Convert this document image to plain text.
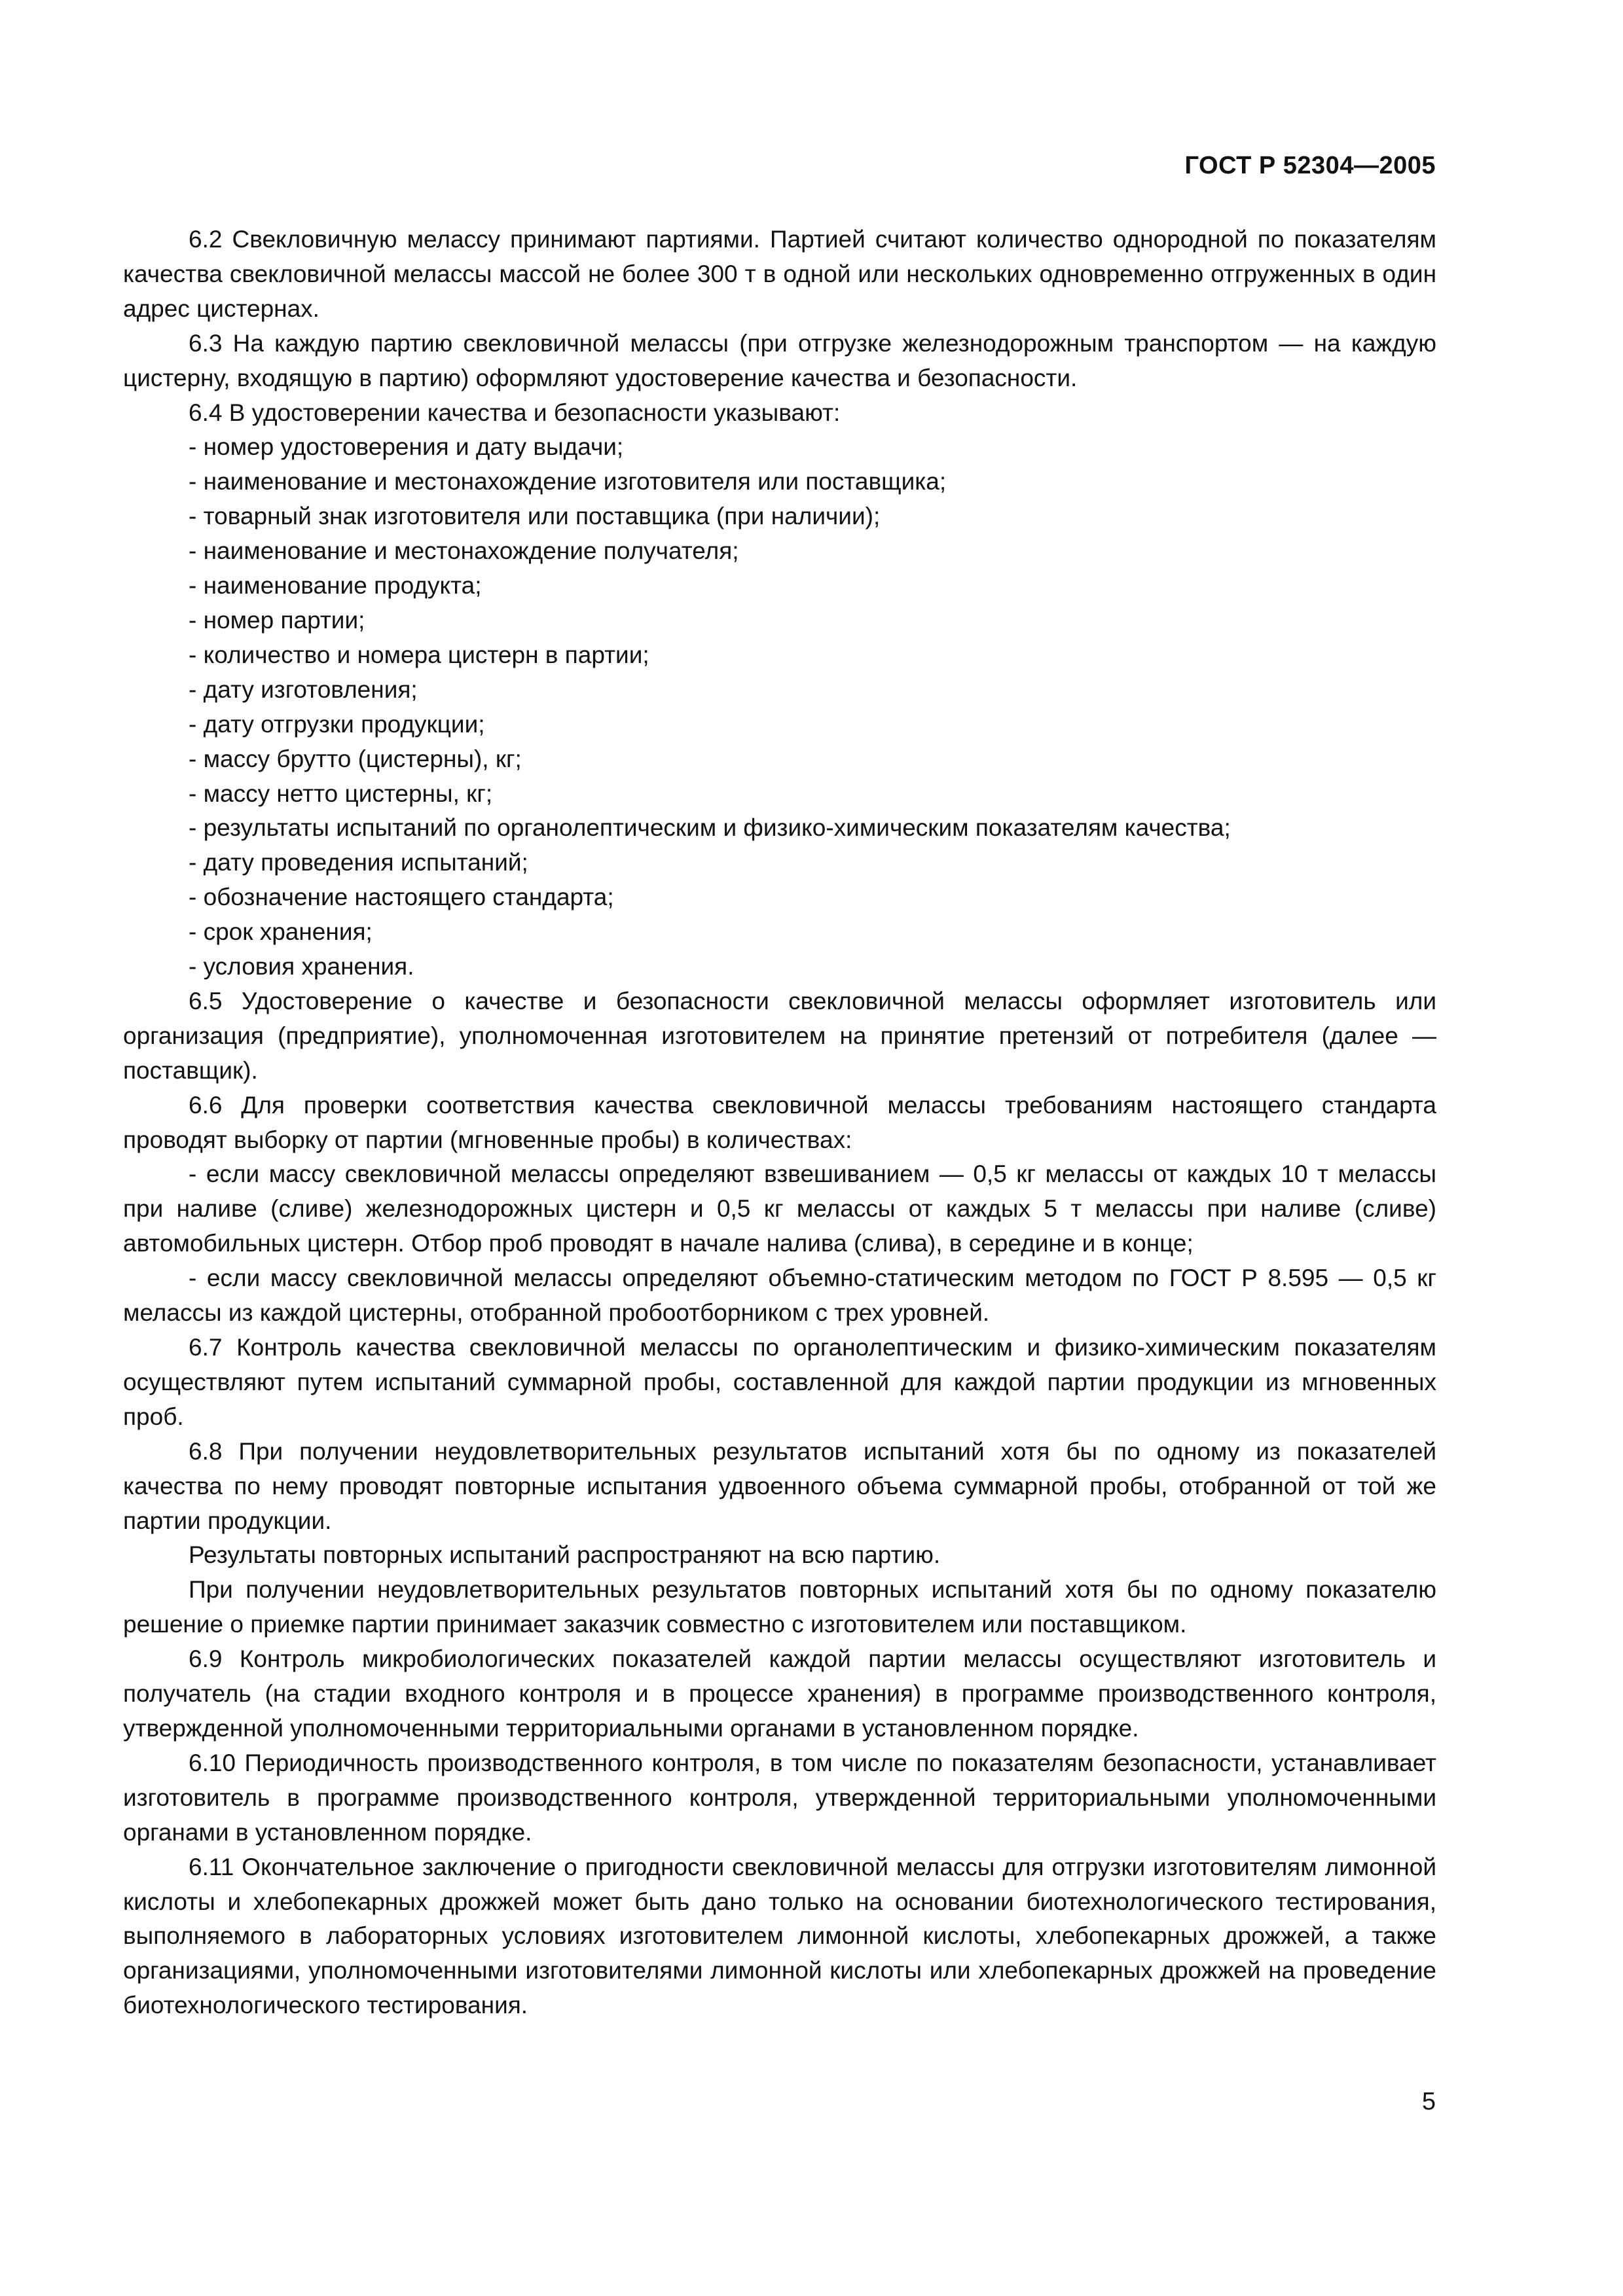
ГОСТ Р 52304—2005

6.2 Свекловичную мелассу принимают партиями. Партией считают количество однородной по показателям качества свекловичной мелассы массой не более 300 т в одной или нескольких одновременно отгруженных в один адрес цистернах.

6.3 На каждую партию свекловичной мелассы (при отгрузке железнодорожным транспортом — на каждую цистерну, входящую в партию) оформляют удостоверение качества и безопасности.

6.4 В удостоверении качества и безопасности указывают:

- номер удостоверения и дату выдачи;
- наименование и местонахождение изготовителя или поставщика;
- товарный знак изготовителя или поставщика (при наличии);
- наименование и местонахождение получателя;
- наименование продукта;
- номер партии;
- количество и номера цистерн в партии;
- дату изготовления;
- дату отгрузки продукции;
- массу брутто (цистерны), кг;
- массу нетто цистерны, кг;
- результаты испытаний по органолептическим и физико-химическим показателям качества;
- дату проведения испытаний;
- обозначение настоящего стандарта;
- срок хранения;
- условия хранения.

6.5 Удостоверение о качестве и безопасности свекловичной мелассы оформляет изготовитель или организация (предприятие), уполномоченная изготовителем на принятие претензий от потребителя (далее — поставщик).

6.6 Для проверки соответствия качества свекловичной мелассы требованиям настоящего стандарта проводят выборку от партии (мгновенные пробы) в количествах:

- если массу свекловичной мелассы определяют взвешиванием — 0,5 кг мелассы от каждых 10 т мелассы при наливе (сливе) железнодорожных цистерн и 0,5 кг мелассы от каждых 5 т мелассы при наливе (сливе) автомобильных цистерн. Отбор проб проводят в начале налива (слива), в середине и в конце;

- если массу свекловичной мелассы определяют объемно-статическим методом по ГОСТ Р 8.595 — 0,5 кг мелассы из каждой цистерны, отобранной пробоотборником с трех уровней.

6.7 Контроль качества свекловичной мелассы по органолептическим и физико-химическим показателям осуществляют путем испытаний суммарной пробы, составленной для каждой партии продукции из мгновенных проб.

6.8 При получении неудовлетворительных результатов испытаний хотя бы по одному из показателей качества по нему проводят повторные испытания удвоенного объема суммарной пробы, отобранной от той же партии продукции.

Результаты повторных испытаний распространяют на всю партию.

При получении неудовлетворительных результатов повторных испытаний хотя бы по одному показателю решение о приемке партии принимает заказчик совместно с изготовителем или поставщиком.

6.9 Контроль микробиологических показателей каждой партии мелассы осуществляют изготовитель и получатель (на стадии входного контроля и в процессе хранения) в программе производственного контроля, утвержденной уполномоченными территориальными органами в установленном порядке.

6.10 Периодичность производственного контроля, в том числе по показателям безопасности, устанавливает изготовитель в программе производственного контроля, утвержденной территориальными уполномоченными органами в установленном порядке.

6.11 Окончательное заключение о пригодности свекловичной мелассы для отгрузки изготовителям лимонной кислоты и хлебопекарных дрожжей может быть дано только на основании биотехнологического тестирования, выполняемого в лабораторных условиях изготовителем лимонной кислоты, хлебопекарных дрожжей, а также организациями, уполномоченными изготовителями лимонной кислоты или хлебопекарных дрожжей на проведение биотехнологического тестирования.

5
